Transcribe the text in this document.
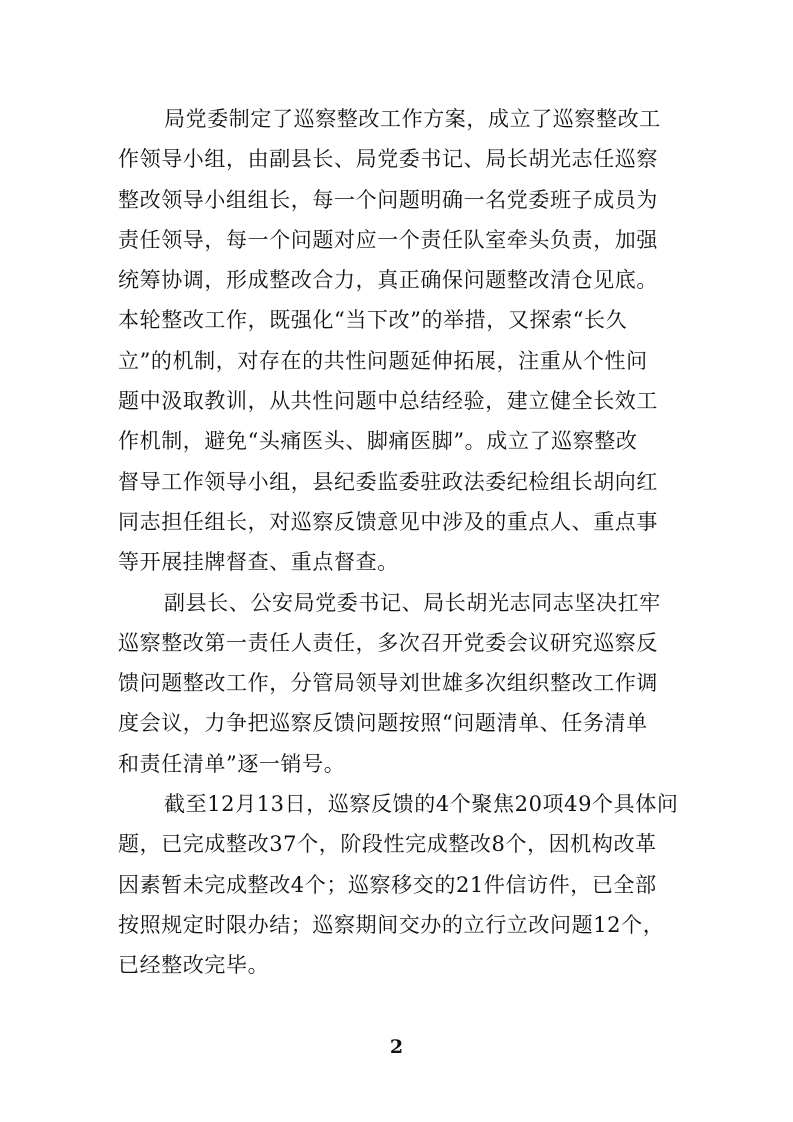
局党委制定了巡察整改工作方案，成立了巡察整改工
作领导小组，由副县长、局党委书记、局长胡光志任巡察
整改领导小组组长，每一个问题明确一名党委班子成员为
责任领导，每一个问题对应一个责任队室牵头负责，加强
统筹协调，形成整改合力，真正确保问题整改清仓见底。
本轮整改工作，既强化“当下改”的举措，又探索“长久
立”的机制，对存在的共性问题延伸拓展，注重从个性问
题中汲取教训，从共性问题中总结经验，建立健全长效工
作机制，避免“头痛医头、脚痛医脚”。成立了巡察整改
督导工作领导小组，县纪委监委驻政法委纪检组长胡向红
同志担任组长，对巡察反馈意见中涉及的重点人、重点事
等开展挂牌督查、重点督查。
副县长、公安局党委书记、局长胡光志同志坚决扛牢
巡察整改第一责任人责任，多次召开党委会议研究巡察反
馈问题整改工作，分管局领导刘世雄多次组织整改工作调
度会议，力争把巡察反馈问题按照“问题清单、任务清单
和责任清单”逐一销号。
截至12月13日，巡察反馈的4个聚焦20项49个具体问
题，已完成整改37个，阶段性完成整改8个，因机构改革
因素暂未完成整改4个；巡察移交的21件信访件，已全部
按照规定时限办结；巡察期间交办的立行立改问题12个，
已经整改完毕。
2
